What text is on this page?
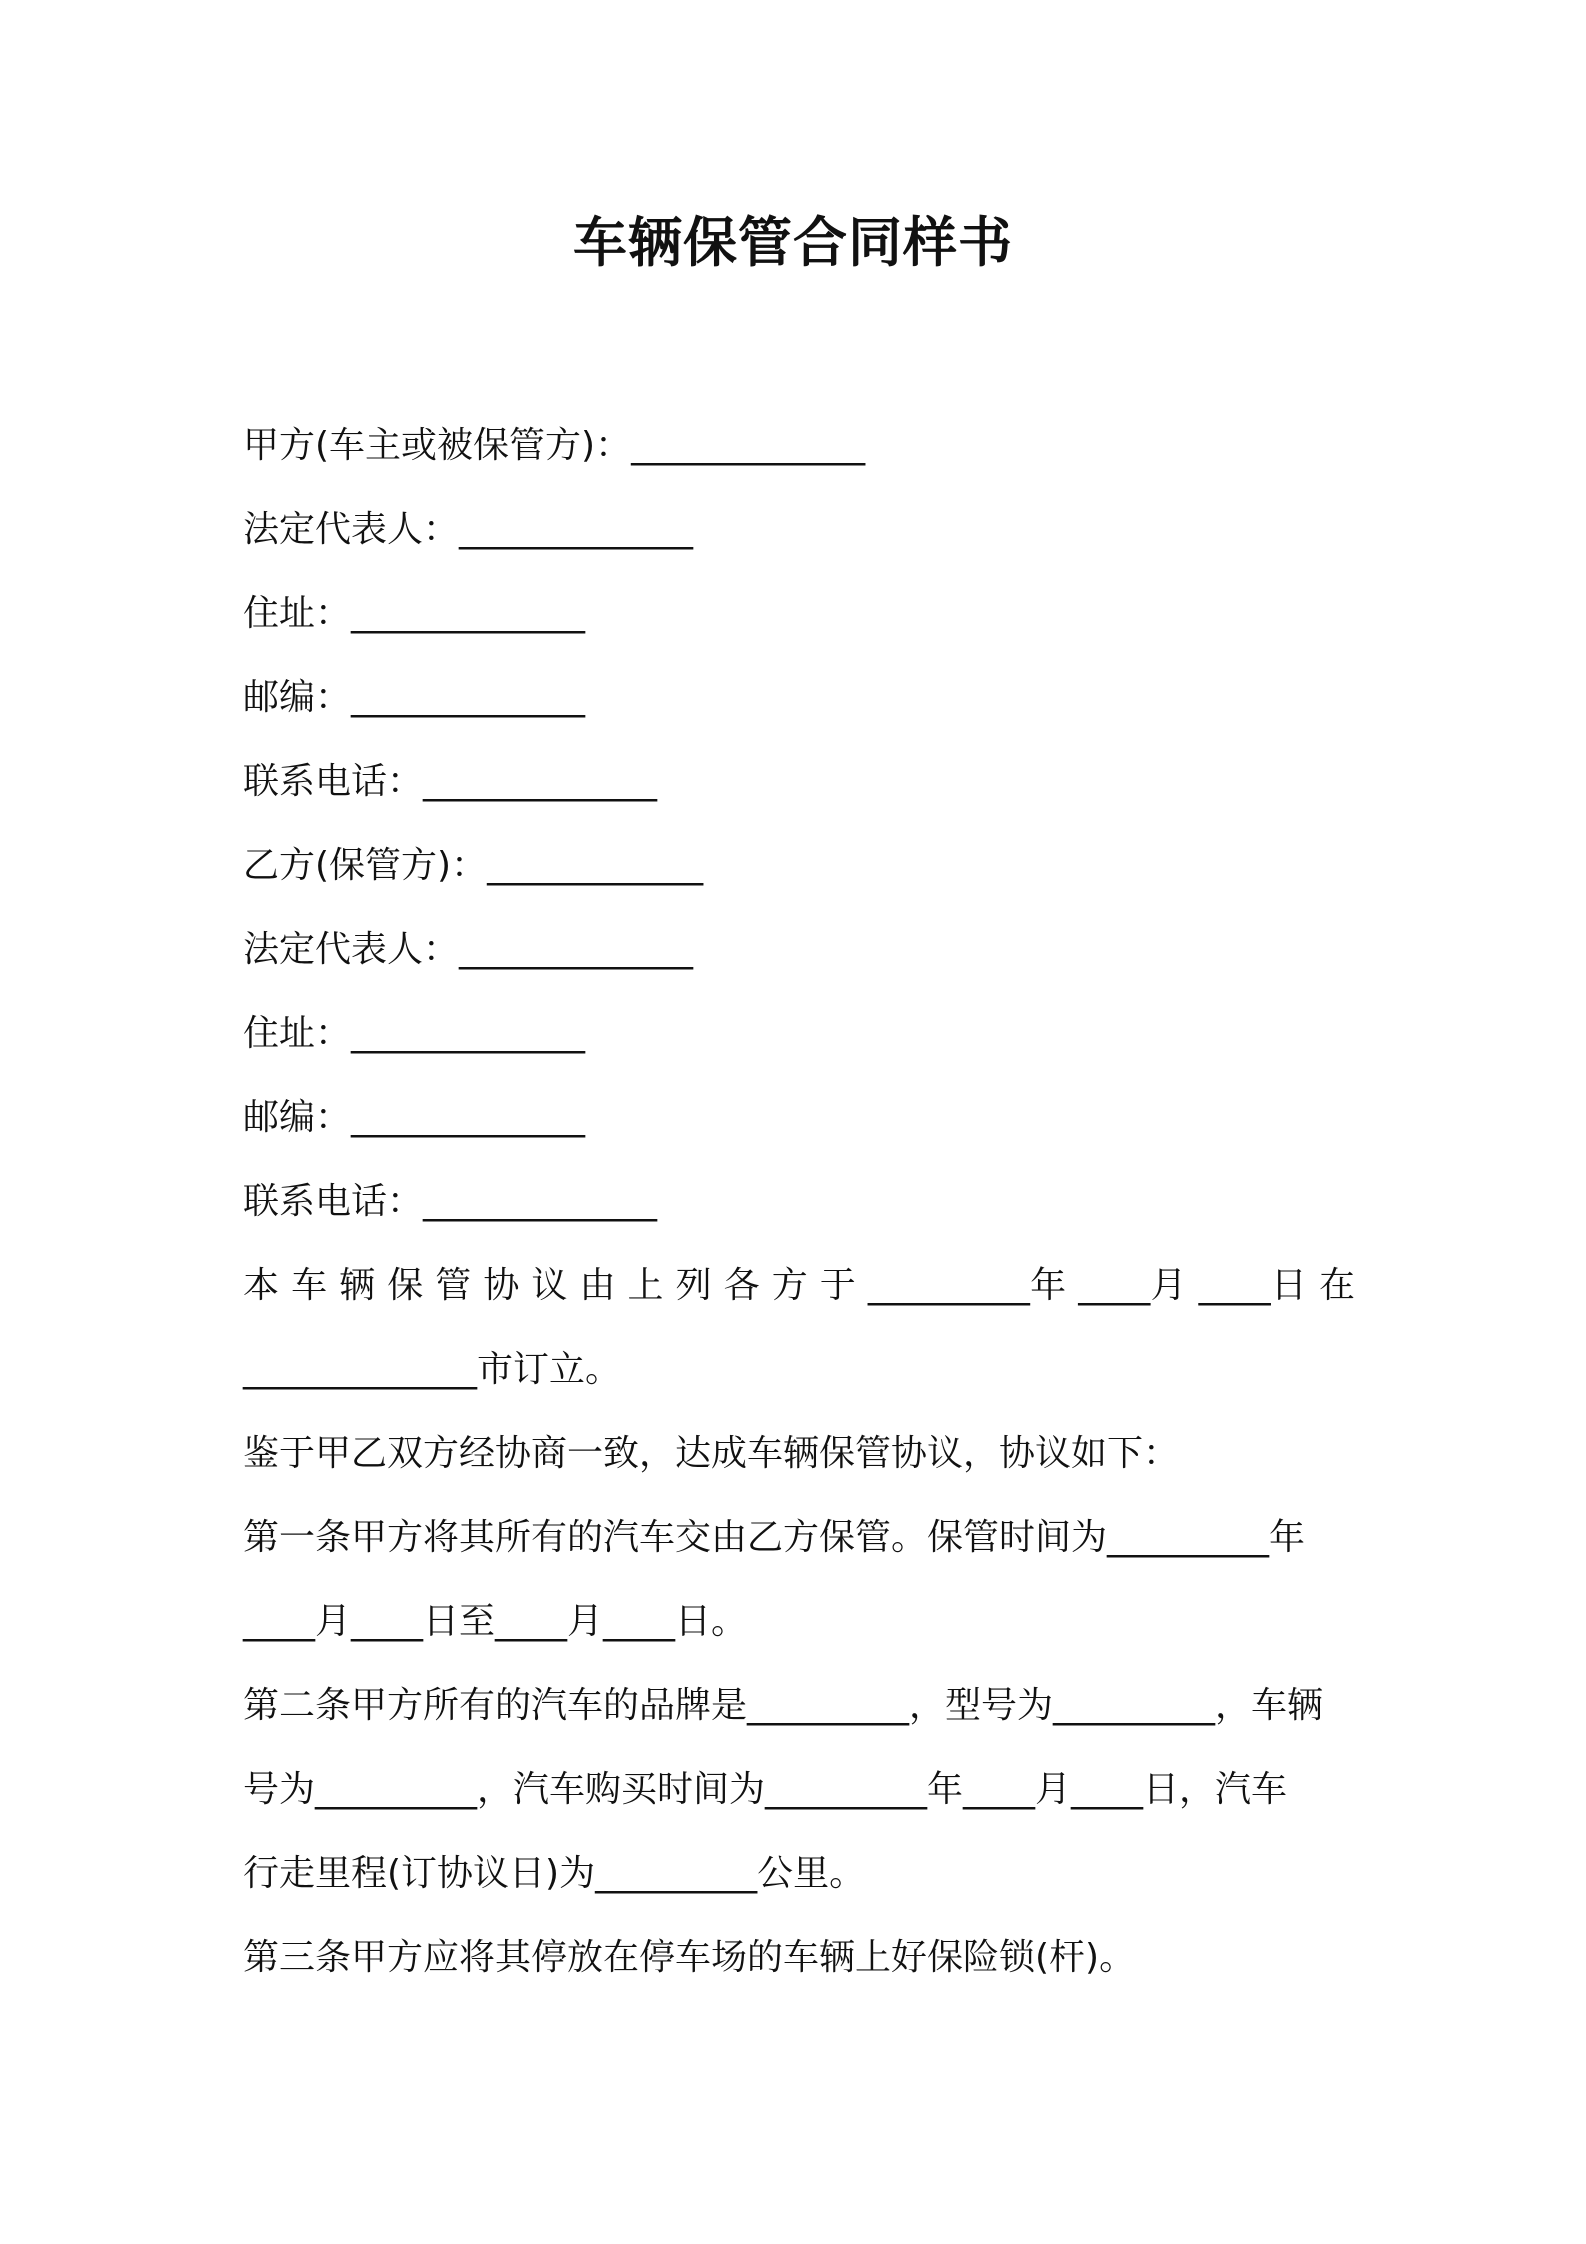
车辆保管合同样书
甲方(车主或被保管方)：_____________
法定代表人：_____________
住址：_____________
邮编：_____________
联系电话：_____________
乙方(保管方)：____________
法定代表人：_____________
住址：_____________
邮编：_____________
联系电话：_____________
本 车 辆 保 管 协 议 由 上 列 各 方 于 _________年 ____月 ____日 在
_____________市订立。
鉴于甲乙双方经协商一致，达成车辆保管协议，协议如下：
第一条甲方将其所有的汽车交由乙方保管。保管时间为_________年
____月____日至____月____日。
第二条甲方所有的汽车的品牌是_________，型号为_________，车辆
号为_________，汽车购买时间为_________年____月____日，汽车
行走里程(订协议日)为_________公里。
第三条甲方应将其停放在停车场的车辆上好保险锁(杆)。
